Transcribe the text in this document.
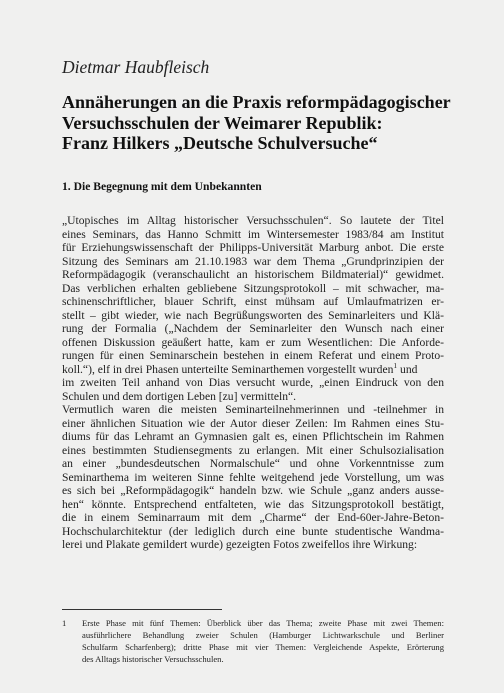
Dietmar Haubfleisch
Annäherungen an die Praxis reformpädagogischer
Versuchsschulen der Weimarer Republik:
Franz Hilkers „Deutsche Schulversuche“
1. Die Begegnung mit dem Unbekannten
„Utopisches im Alltag historischer Versuchsschulen“. So lautete der Titel
eines Seminars, das Hanno Schmitt im Wintersemester 1983/84 am Institut
für Erziehungswissenschaft der Philipps-Universität Marburg anbot. Die erste
Sitzung des Seminars am 21.10.1983 war dem Thema „Grundprinzipien der
Reformpädagogik (veranschaulicht an historischem Bildmaterial)“ gewidmet.
Das verblichen erhalten gebliebene Sitzungsprotokoll – mit schwacher, ma-
schinenschriftlicher, blauer Schrift, einst mühsam auf Umlaufmatrizen er-
stellt – gibt wieder, wie nach Begrüßungsworten des Seminarleiters und Klä-
rung der Formalia („Nachdem der Seminarleiter den Wunsch nach einer
offenen Diskussion geäußert hatte, kam er zum Wesentlichen: Die Anforde-
rungen für einen Seminarschein bestehen in einem Referat und einem Proto-
koll.“), elf in drei Phasen unterteilte Seminarthemen vorgestellt wurden$^1$ und
im zweiten Teil anhand von Dias versucht wurde, „einen Eindruck von den
Schulen und dem dortigen Leben [zu] vermitteln“.
Vermutlich waren die meisten Seminarteilnehmerinnen und -teilnehmer in
einer ähnlichen Situation wie der Autor dieser Zeilen: Im Rahmen eines Stu-
diums für das Lehramt an Gymnasien galt es, einen Pflichtschein im Rahmen
eines bestimmten Studiensegments zu erlangen. Mit einer Schulsozialisation
an einer „bundesdeutschen Normalschule“ und ohne Vorkenntnisse zum
Seminarthema im weiteren Sinne fehlte weitgehend jede Vorstellung, um was
es sich bei „Reformpädagogik“ handeln bzw. wie Schule „ganz anders ausse-
hen“ könnte. Entsprechend entfalteten, wie das Sitzungsprotokoll bestätigt,
die in einem Seminarraum mit dem „Charme“ der End-60er-Jahre-Beton-
Hochschularchitektur (der lediglich durch eine bunte studentische Wandma-
lerei und Plakate gemildert wurde) gezeigten Fotos zweifellos ihre Wirkung:
1 Erste Phase mit fünf Themen: Überblick über das Thema; zweite Phase mit zwei Themen:
ausführlichere Behandlung zweier Schulen (Hamburger Lichtwarkschule und Berliner
Schulfarm Scharfenberg); dritte Phase mit vier Themen: Vergleichende Aspekte, Erörterung
des Alltags historischer Versuchsschulen.
